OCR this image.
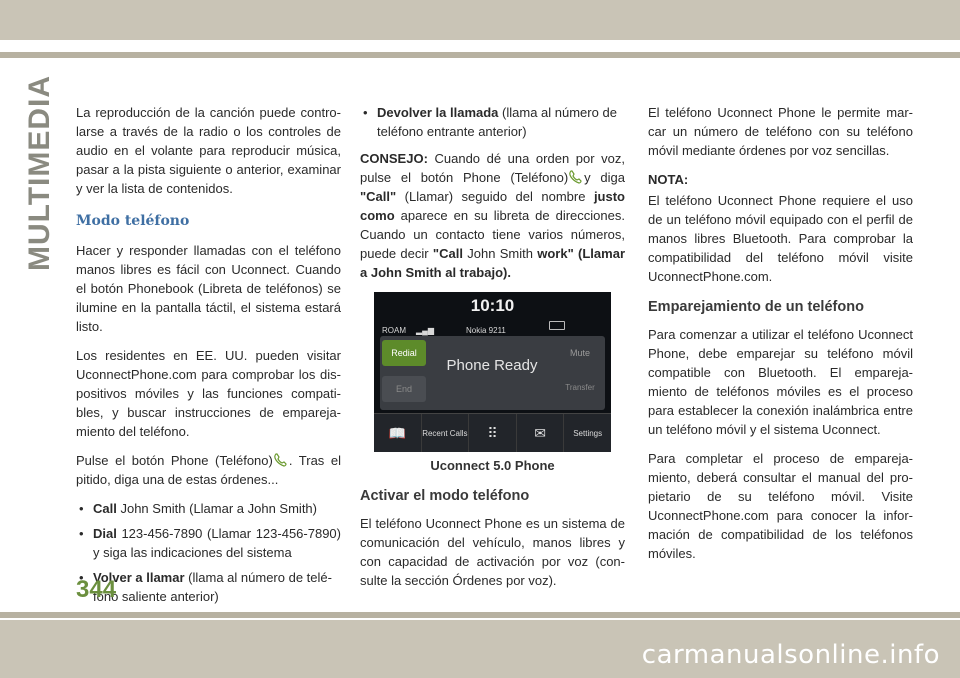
MULTIMEDIA La reproducción de la canción puede contro-larse a través de la radio o los controles de audio en el volante para reproducir música, pasar a la pista siguiente o anterior, examinar y ver la lista de contenidos.

Modo teléfono

Hacer y responder llamadas con el teléfono manos libres es fácil con Uconnect. Cuando el botón Phonebook (Libreta de teléfonos) se ilumine en la pantalla táctil, el sistema estará listo.

Los residentes en EE. UU. pueden visitar UconnectPhone.com para comprobar los dis-positivos móviles y las funciones compati-bles, y buscar instrucciones de empareja-miento del teléfono.

Pulse el botón Phone (Teléfono) . Tras el pitido, diga una de estas órdenes...

• Call John Smith (Llamar a John Smith)
• Dial 123-456-7890 (Llamar 123-456-7890) y siga las indicaciones del sistema
• Volver a llamar (llama al número de telé-fono saliente anterior)
• Devolver la llamada (llama al número de teléfono entrante anterior)

CONSEJO: Cuando dé una orden por voz, pulse el botón Phone (Teléfono) y diga "Call" (Llamar) seguido del nombre justo como aparece en su libreta de direcciones. Cuando un contacto tiene varios números, puede decir "Call John Smith work" (Llamar a John Smith al trabajo).

10:10
ROAM ▂▄▆	Nokia 9211
Redial
End
Mute
Transfer
Phone Ready
📖 Recent Calls ⠿	✉	Settings
Uconnect 5.0 Phone
Activar el modo teléfono

El teléfono Uconnect Phone es un sistema de comunicación del vehículo, manos libres y con capacidad de activación por voz (con-sulte la sección Órdenes por voz).

El teléfono Uconnect Phone le permite mar-car un número de teléfono con su teléfono móvil mediante órdenes por voz sencillas.

NOTA:

El teléfono Uconnect Phone requiere el uso de un teléfono móvil equipado con el perfil de manos libres Bluetooth. Para comprobar la compatibilidad del teléfono móvil visite UconnectPhone.com.

Emparejamiento de un teléfono

Para comenzar a utilizar el teléfono Uconnect Phone, debe emparejar su teléfono móvil compatible con Bluetooth. El empareja-miento de teléfonos móviles es el proceso para establecer la conexión inalámbrica entre un teléfono móvil y el sistema Uconnect.

Para completar el proceso de empareja-miento, deberá consultar el manual del pro-pietario de su teléfono móvil. Visite UconnectPhone.com para conocer la infor-mación de compatibilidad de los teléfonos móviles.

344
carmanualsonline.info
